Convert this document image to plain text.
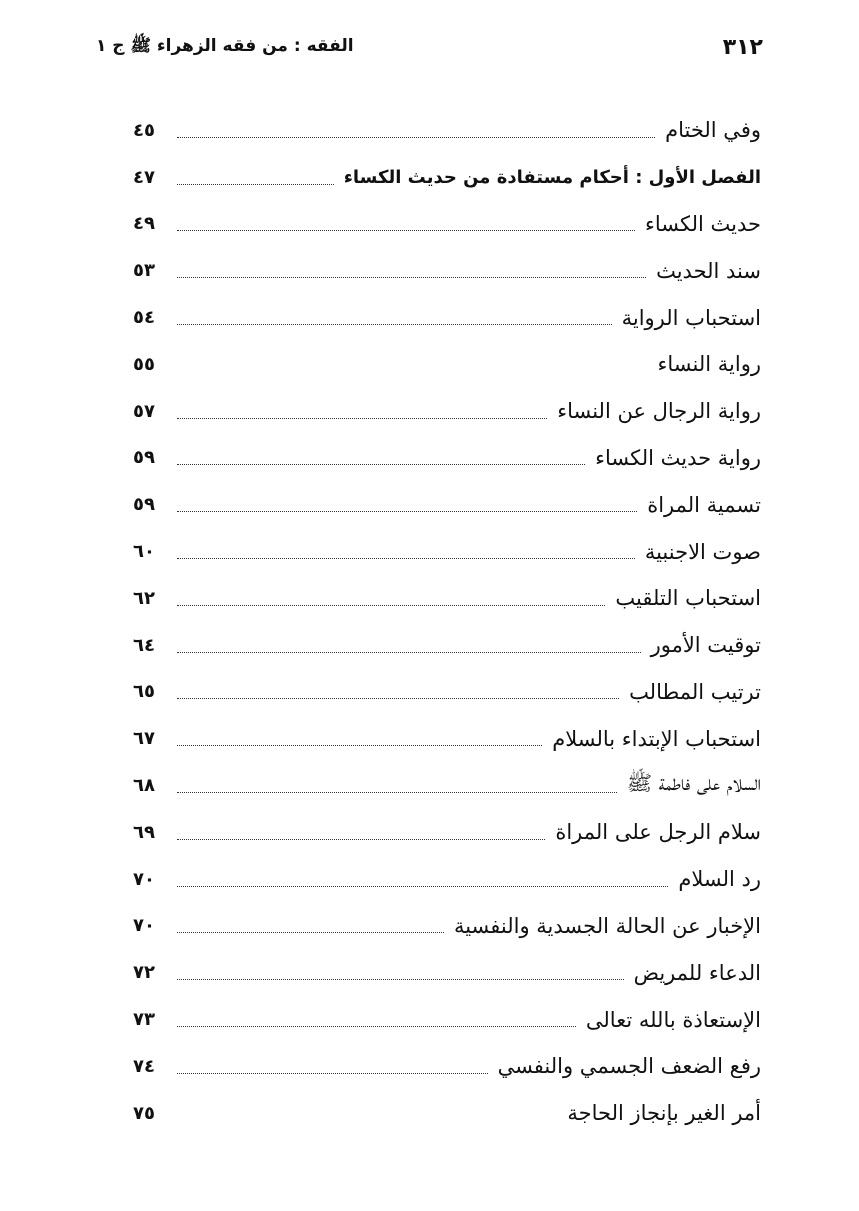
٣١٢
الفقه : من فقه الزهراء ﷺ ج ١
وفي الختام
٤٥
الفصل الأول : أحكام مستفادة من حديث الكساء
٤٧
حديث الكساء
٤٩
سند الحديث
٥٣
استحباب الرواية
٥٤
رواية النساء
٥٥
رواية الرجال عن النساء
٥٧
رواية حديث الكساء
٥٩
تسمية المراة
٥٩
صوت الاجنبية
٦٠
استحباب التلقيب
٦٢
توقيت الأمور
٦٤
ترتيب المطالب
٦٥
استحباب الإبتداء بالسلام
٦٧
السلام على فاطمة ﷺ
٦٨
سلام الرجل على المراة
٦٩
رد السلام
٧٠
الإخبار عن الحالة الجسدية والنفسية
٧٠
الدعاء للمريض
٧٢
الإستعاذة بالله تعالى
٧٣
رفع الضعف الجسمي والنفسي
٧٤
أمر الغير بإنجاز الحاجة
٧٥
